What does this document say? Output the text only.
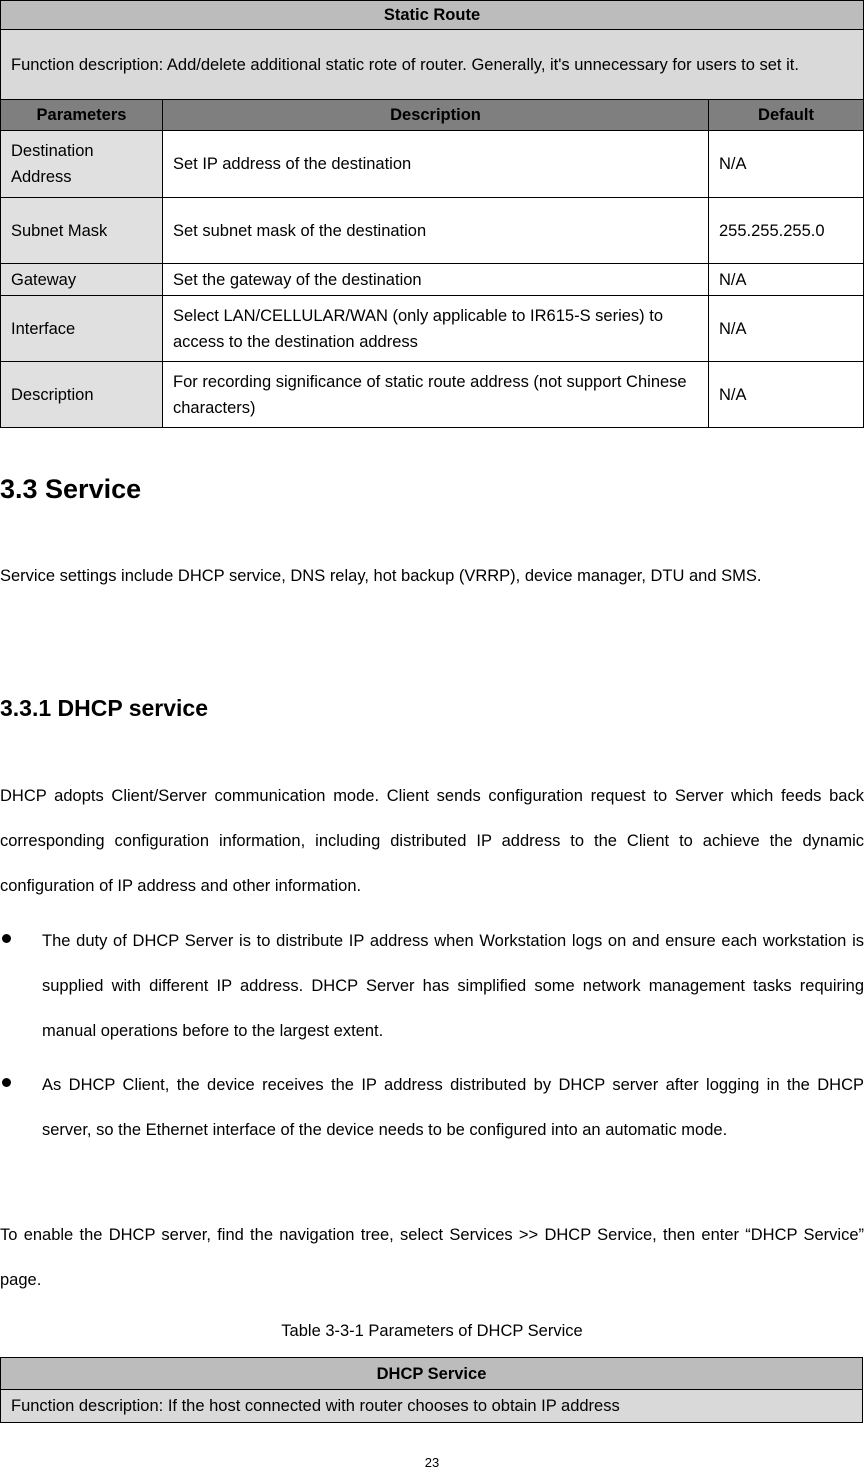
Static Route		
Function description: Add/delete additional static rote of router. Generally, it's unnecessary for users to set it.		
Parameters	Description	Default
Destination Address	Set IP address of the destination	N/A
Subnet Mask	Set subnet mask of the destination	255.255.255.0
Gateway	Set the gateway of the destination	N/A
Interface	Select LAN/CELLULAR/WAN (only applicable to IR615-S series) to access to the destination address	N/A
Description	For recording significance of static route address (not support Chinese characters)	N/A
3.3 Service

Service settings include DHCP service, DNS relay, hot backup (VRRP), device manager, DTU and SMS.

3.3.1 DHCP service

DHCP adopts Client/Server communication mode. Client sends configuration request to Server which feeds back corresponding configuration information, including distributed IP address to the Client to achieve the dynamic configuration of IP address and other information.

The duty of DHCP Server is to distribute IP address when Workstation logs on and ensure each workstation is supplied with different IP address. DHCP Server has simplified some network management tasks requiring manual operations before to the largest extent.
As DHCP Client, the device receives the IP address distributed by DHCP server after logging in the DHCP server, so the Ethernet interface of the device needs to be configured into an automatic mode.

To enable the DHCP server, find the navigation tree, select Services >> DHCP Service, then enter “DHCP Service” page.

Table 3-3-1 Parameters of DHCP Service

DHCP Service
Function description: If the host connected with router chooses to obtain IP address
23
